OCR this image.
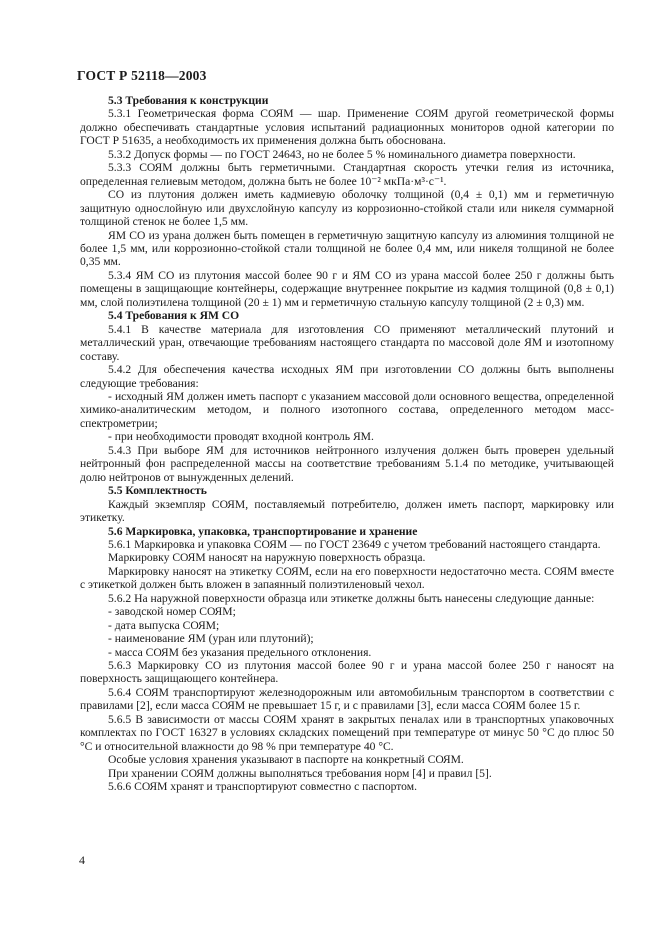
ГОСТ Р 52118—2003

5.3 Требования к конструкции

5.3.1 Геометрическая форма СОЯМ — шар. Применение СОЯМ другой геометрической формы должно обеспечивать стандартные условия испытаний радиационных мониторов одной категории по ГОСТ Р 51635, а необходимость их применения должна быть обоснована.

5.3.2 Допуск формы — по ГОСТ 24643, но не более 5 % номинального диаметра поверхности.

5.3.3 СОЯМ должны быть герметичными. Стандартная скорость утечки гелия из источника, определенная гелиевым методом, должна быть не более 10⁻² мкПа·м³·с⁻¹.

СО из плутония должен иметь кадмиевую оболочку толщиной (0,4 ± 0,1) мм и герметичную защитную однослойную или двухслойную капсулу из коррозионно-стойкой стали или никеля суммарной толщиной стенок не более 1,5 мм.

ЯМ СО из урана должен быть помещен в герметичную защитную капсулу из алюминия толщиной не более 1,5 мм, или коррозионно-стойкой стали толщиной не более 0,4 мм, или никеля толщиной не более 0,35 мм.

5.3.4 ЯМ СО из плутония массой более 90 г и ЯМ СО из урана массой более 250 г должны быть помещены в защищающие контейнеры, содержащие внутреннее покрытие из кадмия толщиной (0,8 ± 0,1) мм, слой полиэтилена толщиной (20 ± 1) мм и герметичную стальную капсулу толщиной (2 ± 0,3) мм.

5.4 Требования к ЯМ СО

5.4.1 В качестве материала для изготовления СО применяют металлический плутоний и металлический уран, отвечающие требованиям настоящего стандарта по массовой доле ЯМ и изотопному составу.

5.4.2 Для обеспечения качества исходных ЯМ при изготовлении СО должны быть выполнены следующие требования:

- исходный ЯМ должен иметь паспорт с указанием массовой доли основного вещества, определенной химико-аналитическим методом, и полного изотопного состава, определенного методом масс-спектрометрии;

- при необходимости проводят входной контроль ЯМ.

5.4.3 При выборе ЯМ для источников нейтронного излучения должен быть проверен удельный нейтронный фон распределенной массы на соответствие требованиям 5.1.4 по методике, учитывающей долю нейтронов от вынужденных делений.

5.5 Комплектность

Каждый экземпляр СОЯМ, поставляемый потребителю, должен иметь паспорт, маркировку или этикетку.

5.6 Маркировка, упаковка, транспортирование и хранение

5.6.1 Маркировка и упаковка СОЯМ — по ГОСТ 23649 с учетом требований настоящего стандарта.

Маркировку СОЯМ наносят на наружную поверхность образца.

Маркировку наносят на этикетку СОЯМ, если на его поверхности недостаточно места. СОЯМ вместе с этикеткой должен быть вложен в запаянный полиэтиленовый чехол.

5.6.2 На наружной поверхности образца или этикетке должны быть нанесены следующие данные:

- заводской номер СОЯМ;

- дата выпуска СОЯМ;

- наименование ЯМ (уран или плутоний);

- масса СОЯМ без указания предельного отклонения.

5.6.3 Маркировку СО из плутония массой более 90 г и урана массой более 250 г наносят на поверхность защищающего контейнера.

5.6.4 СОЯМ транспортируют железнодорожным или автомобильным транспортом в соответствии с правилами [2], если масса СОЯМ не превышает 15 г, и с правилами [3], если масса СОЯМ более 15 г.

5.6.5 В зависимости от массы СОЯМ хранят в закрытых пеналах или в транспортных упаковочных комплектах по ГОСТ 16327 в условиях складских помещений при температуре от минус 50 °С до плюс 50 °С и относительной влажности до 98 % при температуре 40 °С.

Особые условия хранения указывают в паспорте на конкретный СОЯМ.

При хранении СОЯМ должны выполняться требования норм [4] и правил [5].

5.6.6 СОЯМ хранят и транспортируют совместно с паспортом.

4
